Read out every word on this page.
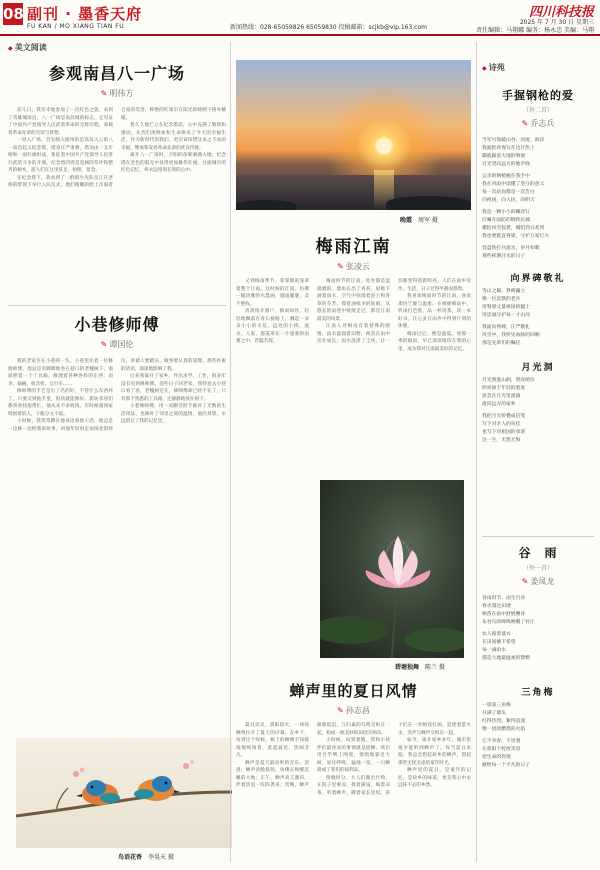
08 副刊 · 墨香天府
FU KAN / MO XIANG TIAN FU	新闻热线：028-65059826 65059830 投稿邮箱：scjkb@vip.163.com
四川科技报
2025 年 7 月 30 日 星期三
责任编辑：马翔娜 编务：杨永忠 美编：马翔
◆ 美文阅读
参观南昌八一广场
✎ 明伟方

前几日，我荣幸地参加了一次红色之旅，来到了英雄城南昌。八一广场是南昌城的标志，它见证了中国共产党领导人民武装革命的光辉历程，承载着革命先辈的光荣与梦想。

一进入广场，首先映入眼帘的是高耸入云的八一南昌起义纪念塔，塔身庄严肃穆，塔顶由一支步枪和一面红旗组成，象征着中国共产党领导人民进行武装斗争的开端。纪念塔四周是宽阔的草坪和整齐的树木，游人们在这里驻足、拍照、留念。

在纪念塔下，我看到了一群群少先队员正在老师的带领下举行入队仪式，他们稚嫩的脸上洋溢着自豪的笑容，鲜艳的红领巾在阳光的映照下格外耀眼。

我久久地伫立在纪念塔前，心中充满了敬仰和感动。先烈们用鲜血和生命换来了今天的幸福生活，作为新时代的我们，更应该珍惜这来之不易的幸福，继承和发扬革命先辈的优良传统。

离开八一广场时，夕阳的余晖洒满大地，纪念塔在金色的阳光中显得更加雄伟壮丽，这座城市的红色记忆，将永远铭刻在我的心中。

小巷修师傅
✎ 谭国伦

我的老家住在小巷的一头，小巷里住着一位修理师傅，他总是笑眯眯地坐在巷口的老槐树下，面前摆着一个工具箱，修理着各种各样的东西：雨伞、锅碗、收音机、自行车……

修师傅的手艺是出了名的好，不管什么东西坏了，只要交到他手里，很快就能修好。街坊邻居们都喜欢找他帮忙，他从来不多收钱，有时候遇到家境困难的人，干脆分文不取。

小时候，我常常蹲在他身边看他干活，他总是一边修一边给我讲故事，讲他年轻时走南闯北的经历，讲做人要踏实、做事要认真的道理。那些朴素的话语，深深地影响了我。

后来我离开了家乡，外出求学、工作，很多年没有见到修师傅。前些日子回老家，我特意去小巷口看了看，老槐树还在，修师傅却已经不在了，只有那个熟悉的工具箱，还静静地放在树下。

小巷修师傅，用一双勤劳的手修补了无数的生活用品，也修补了邻里之间的温情。他的身影，永远留在了我的记忆里。

鸟语花香 李昊天 摄
晚霞 周军 摄
梅雨江南
✎ 张凌云

又到梅雨季节，霏霏细雨笼罩着整个江南。这时候的江南，仿佛一幅淡雅的水墨画，烟雨朦胧，美不胜收。

清晨推开窗户，细雨如丝，轻轻地飘落在青石板路上，溅起一朵朵小小的水花。远处的小桥、流水、人家，都笼罩在一片迷蒙的雨雾之中，若隐若现。

梅雨时节的江南，处处都是湿漉漉的。墙角长出了青苔，屋檐下滴着雨水，空气中弥漫着泥土和青草的芬芳。撑着油纸伞的姑娘，从悠长的雨巷中缓缓走过，那是江南最美的风景。

江南人对梅雨有着特殊的感情。雨水滋润着田野，秧苗在雨中茁壮成长；雨水洗净了尘埃，让一切都变得清新明亮。人们在雨中劳作、生活，日子过得平静而悠然。

我喜欢梅雨时节的江南，喜欢那份宁静与温柔。在绵绵细雨中，听雨打芭蕉，品一杯清茶，读一本好书，让心灵在雨声中得到片刻的休憩。

梅雨过后，便是盛夏。而那一季的烟雨，早已深深地印在我的心里，成为我对江南最美好的记忆。

碧塘独舞 陈兰 摄
蝉声里的夏日风情
✎ 孙志昌

夏日炎炎，骄阳似火，一场场蝉鸣拉开了夏天的序幕。在乡下，每到这个时候，树上的蝉便不知疲倦地鸣叫着，此起彼伏，热闹非凡。

蝉声是夏天最动听的音乐。清晨，蝉声清脆悠扬，仿佛在唤醒沉睡的大地；正午，蝉声高亢激昂，伴着热浪一阵阵袭来；傍晚，蝉声渐渐低沉，与归巢的鸟鸣交织在一起，构成一曲美妙的田园交响乐。

小时候，每到暑假，我和小伙伴们最喜欢的事情就是捉蝉。我们用竹竿绑上网兜，悄悄地靠近大树，屏住呼吸，猛地一扣，一只蝉就成了我们的战利品。

傍晚时分，大人们搬出竹椅，在院子里乘凉。摇着蒲扇，喝着凉茶，听着蝉声，聊着家长里短。孩子们在一旁嬉戏打闹，追逐着萤火虫，笑声与蝉声交织在一起。

如今，离开家乡多年，城市里很少能听到蝉声了。每当夏日来临，我总会想起故乡的蝉声，想起那些无忧无虑的童年时光。

蝉声里的夏日，是童年的记忆，是故乡的味道，更是我心中永远抹不去的乡愁。

◆ 诗苑
手握钢枪的爱
（外二首）
✎ 乔志兵
当军号划破山谷，河流、海洋
我就把青春写在这片热土
脚底踩着大地的脊梁
目光望向远方的地平线
父亲的钢枪握在我手中
我在风雨中读懂了坚守的意义
每一次站岗都是一次告白
向祖国，向人民，向明天
我是一颗小小的螺丝钉
拧紧在国防的钢铁长城
哪怕风雪侵袭，哪怕烈日炙烤
我也要挺直脊梁，守护万家灯火
营盘铁打兵流水，岁月如歌
那些挥洒汗水的日子
向界碑敬礼
雪山之巅，界碑矗立
像一位沉默的老兵
用脊梁丈量祖国的疆土
用忠诚守护每一寸山河
我面向界碑，庄严敬礼
风雪中，我听见血脉的回响
那是先辈们的嘱托
月光洞
月光照进山洞，照亮哨位
照亮战士年轻的脸庞
思念在月光里流淌
流向远方的家乡
我把月光折叠成信笺
写下对亲人的牵挂
也写下对祖国的承诺
这一生，无怨无悔
谷　雨
（外一首）
✎ 姜凤龙
谷雨时节，雨生百谷
春水漫过田埂
秧苗在雨中舒展腰身
布谷鸟的啼鸣唤醒了村庄
农人披着蓑衣
在田间播下希望
每一滴雨水
都是大地最温柔的馈赠
三角梅
一簇簇三角梅
开满了墙头
红得热烈，紫得浪漫
像一团团燃烧的火焰
它不争春，不畏暑
在骄阳下绽放笑容
把生命的热情
献给每一个平凡的日子
